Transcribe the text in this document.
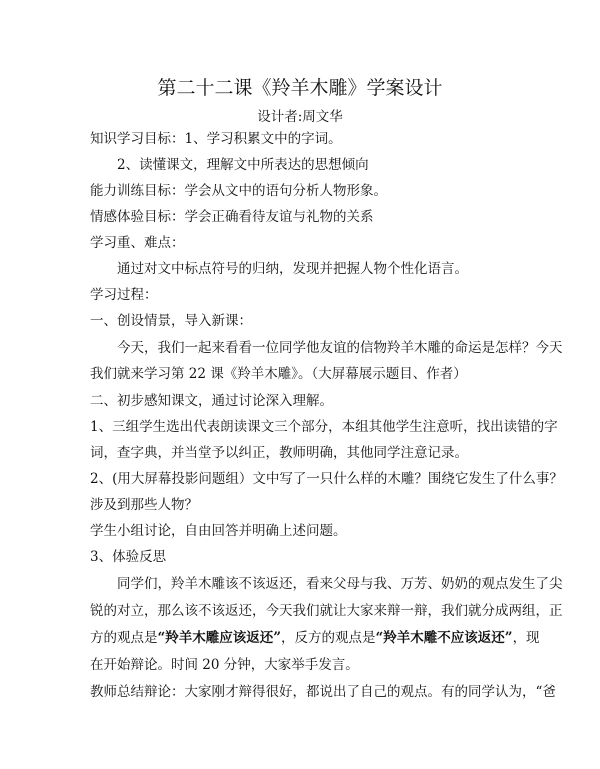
第二十二课《羚羊木雕》学案设计
设计者:周文华
知识学习目标：1、学习积累文中的字词。
2、读懂课文，理解文中所表达的思想倾向
能力训练目标：学会从文中的语句分析人物形象。
情感体验目标：学会正确看待友谊与礼物的关系
学习重、难点：
通过对文中标点符号的归纳，发现并把握人物个性化语言。
学习过程：
一、创设情景，导入新课：
今天，我们一起来看看一位同学他友谊的信物羚羊木雕的命运是怎样？今天
我们就来学习第 22 课《羚羊木雕》。（大屏幕展示题目、作者）
二、初步感知课文，通过讨论深入理解。
1、三组学生选出代表朗读课文三个部分，本组其他学生注意听，找出读错的字
词，查字典，并当堂予以纠正，教师明确，其他同学注意记录。
2、(用大屏幕投影问题组）文中写了一只什么样的木雕？围绕它发生了什么事？
涉及到那些人物？
学生小组讨论，自由回答并明确上述问题。
3、体验反思
同学们，羚羊木雕该不该返还，看来父母与我、万芳、奶奶的观点发生了尖
锐的对立，那么该不该返还，今天我们就让大家来辩一辩，我们就分成两组，正
方的观点是“羚羊木雕应该返还”，反方的观点是“羚羊木雕不应该返还”，现
在开始辩论。时间 20 分钟，大家举手发言。
教师总结辩论：大家刚才辩得很好，都说出了自己的观点。有的同学认为，“爸
